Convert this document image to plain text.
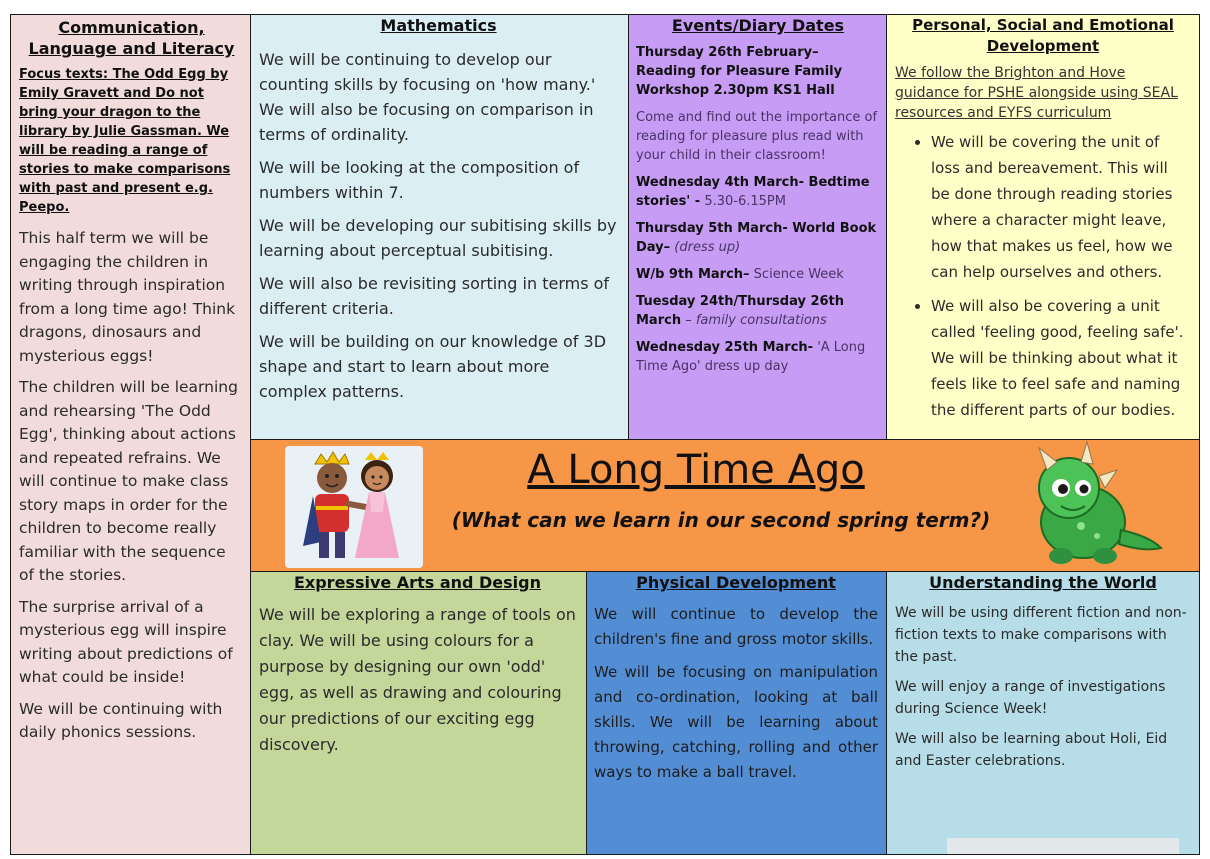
Communication, Language and Literacy

Focus texts: The Odd Egg by Emily Gravett and Do not bring your dragon to the library by Julie Gassman. We will be reading a range of stories to make comparisons with past and present e.g. Peepo.

This half term we will be engaging the children in writing through inspiration from a long time ago! Think dragons, dinosaurs and mysterious eggs!

The children will be learning and rehearsing 'The Odd Egg', thinking about actions and repeated refrains. We will continue to make class story maps in order for the children to become really familiar with the sequence of the stories.

The surprise arrival of a mysterious egg will inspire writing about predictions of what could be inside!

We will be continuing with daily phonics sessions.

Mathematics

We will be continuing to develop our counting skills by focusing on 'how many.' We will also be focusing on comparison in terms of ordinality.

We will be looking at the composition of numbers within 7.

We will be developing our subitising skills by learning about perceptual subitising.

We will also be revisiting sorting in terms of different criteria.

We will be building on our knowledge of 3D shape and start to learn about more complex patterns.

Events/Diary Dates

Thursday 26th February– Reading for Pleasure Family Workshop 2.30pm KS1 Hall

Come and find out the importance of reading for pleasure plus read with your child in their classroom!

Wednesday 4th March- Bedtime stories' - 5.30-6.15PM

Thursday 5th March- World Book Day– (dress up)

W/b 9th March– Science Week

Tuesday 24th/Thursday 26th March – family consultations

Wednesday 25th March- 'A Long Time Ago' dress up day

Personal, Social and Emotional Development

We follow the Brighton and Hove guidance for PSHE alongside using SEAL resources and EYFS curriculum

• We will be covering the unit of loss and bereavement. This will be done through reading stories where a character might leave, how that makes us feel, how we can help ourselves and others.
• We will also be covering a unit called 'feeling good, feeling safe'. We will be thinking about what it feels like to feel safe and naming the different parts of our bodies.

A Long Time Ago

(What can we learn in our second spring term?)

Expressive Arts and Design

We will be exploring a range of tools on clay. We will be using colours for a purpose by designing our own 'odd' egg, as well as drawing and colouring our predictions of our exciting egg discovery.

Physical Development

We will continue to develop the children's fine and gross motor skills.

We will be focusing on manipulation and co-ordination, looking at ball skills. We will be learning about throwing, catching, rolling and other ways to make a ball travel.

Understanding the World

We will be using different fiction and non-fiction texts to make comparisons with the past.

We will enjoy a range of investigations during Science Week!

We will also be learning about Holi, Eid and Easter celebrations.
